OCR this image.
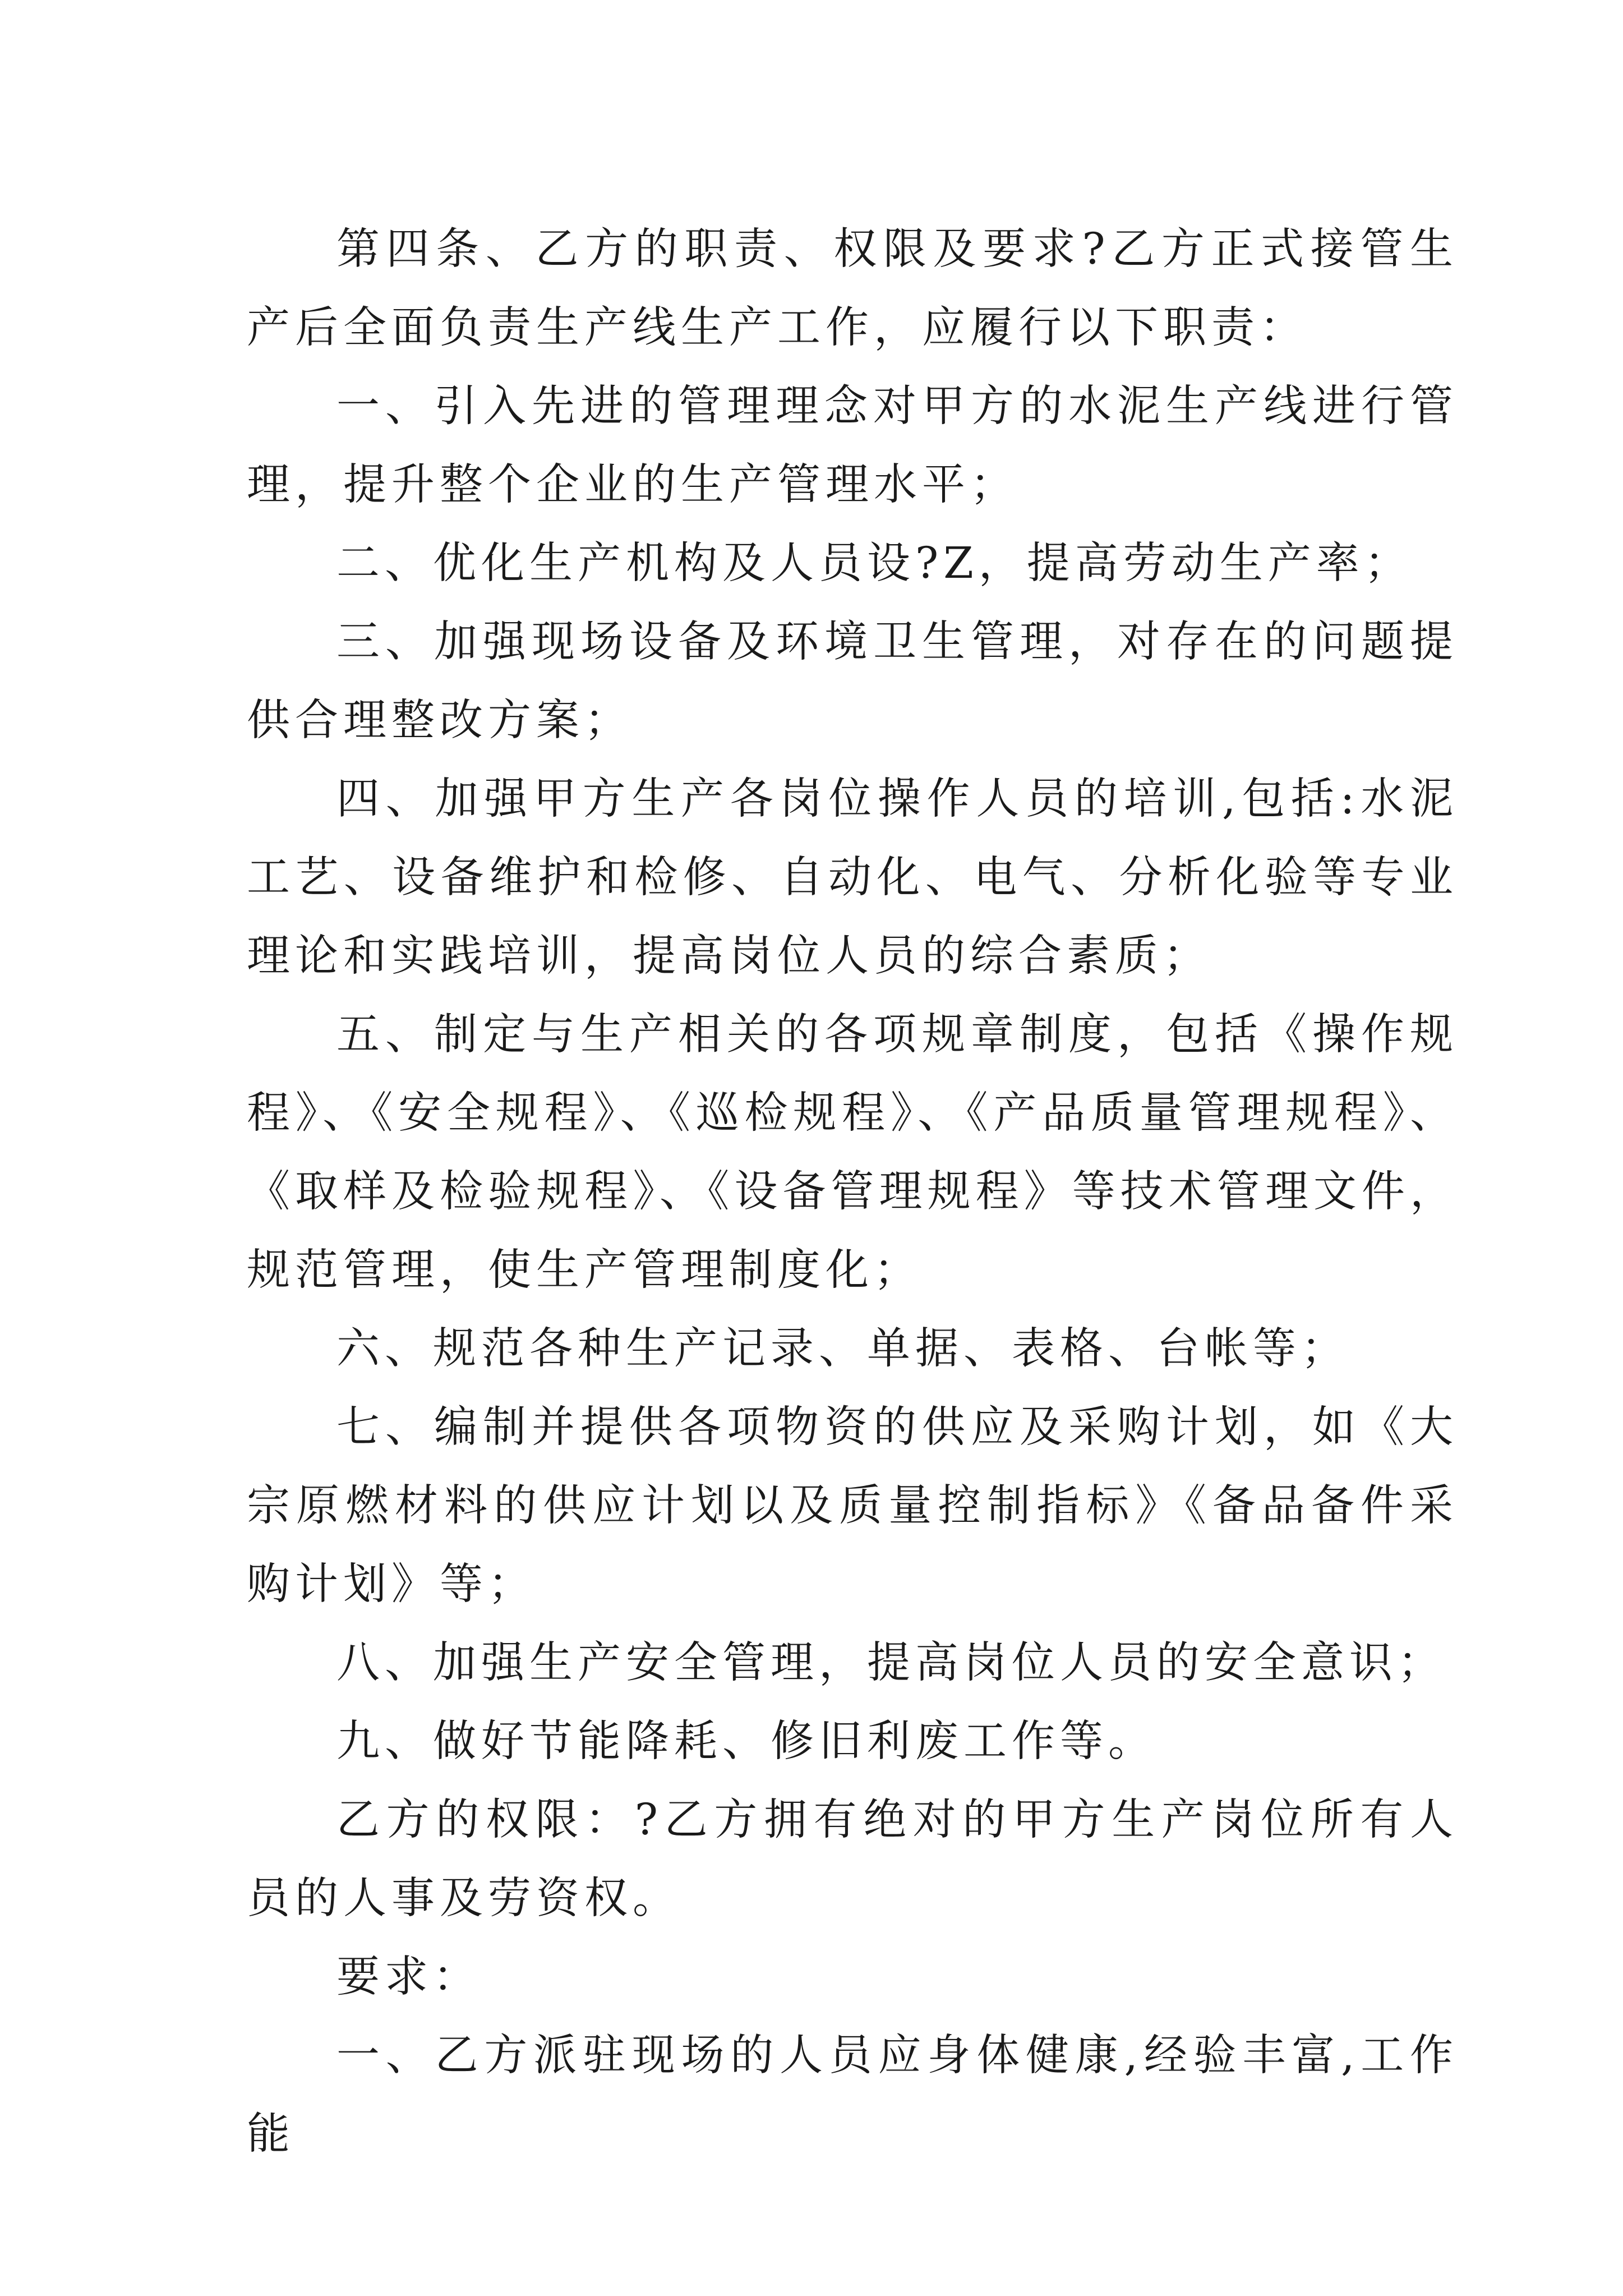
第四条、乙方的职责、权限及要求?乙方正式接管生产后全面负责生产线生产工作，应履行以下职责：

一、引入先进的管理理念对甲方的水泥生产线进行管理，提升整个企业的生产管理水平；

二、优化生产机构及人员设?Z，提高劳动生产率；

三、加强现场设备及环境卫生管理，对存在的问题提供合理整改方案；

四、加强甲方生产各岗位操作人员的培训,包括:水泥工艺、设备维护和检修、自动化、电气、分析化验等专业理论和实践培训，提高岗位人员的综合素质；

五、制定与生产相关的各项规章制度，包括《操作规程》、《安全规程》、《巡检规程》、《产品质量管理规程》、《取样及检验规程》、《设备管理规程》等技术管理文件，规范管理，使生产管理制度化；

六、规范各种生产记录、单据、表格、台帐等；

七、编制并提供各项物资的供应及采购计划，如《大宗原燃材料的供应计划以及质量控制指标》《备品备件采购计划》等；

八、加强生产安全管理，提高岗位人员的安全意识；

九、做好节能降耗、修旧利废工作等。

乙方的权限：?乙方拥有绝对的甲方生产岗位所有人员的人事及劳资权。

要求：

一、乙方派驻现场的人员应身体健康,经验丰富,工作能
